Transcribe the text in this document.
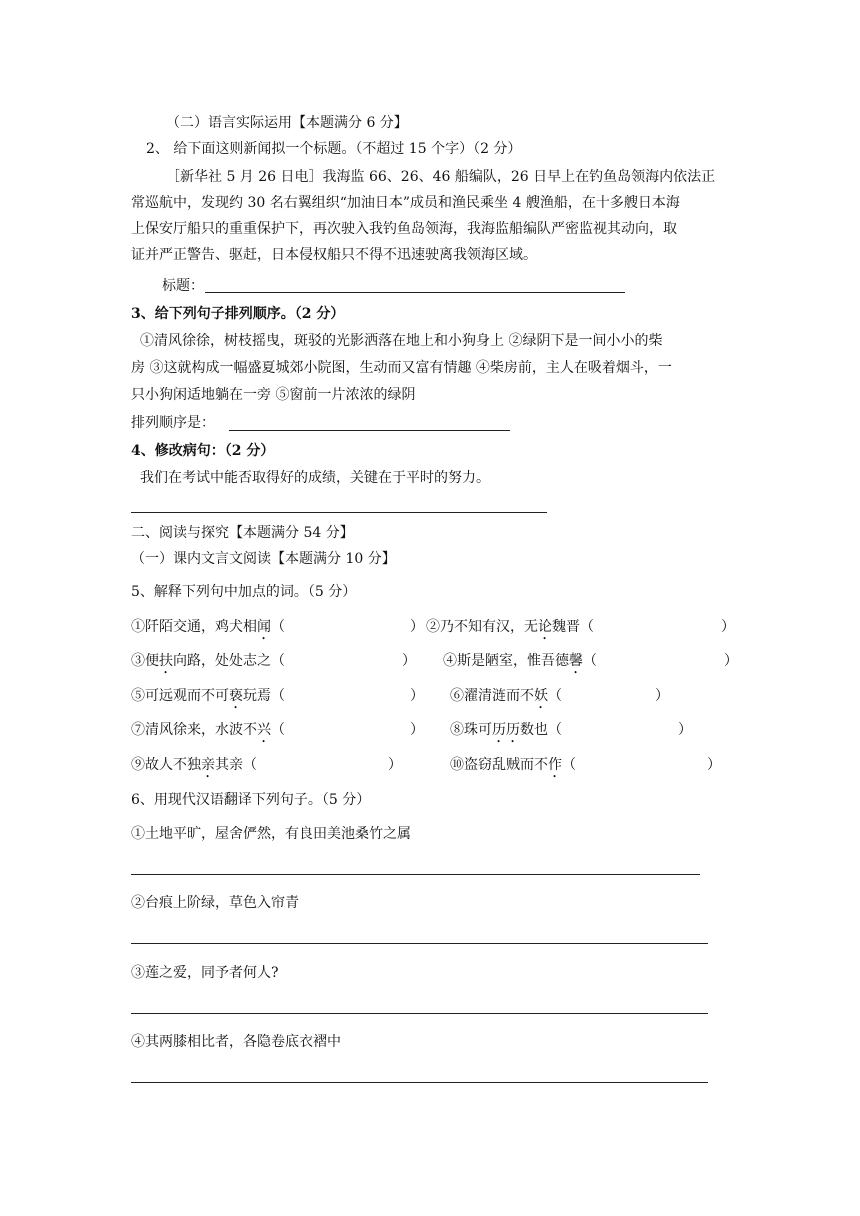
（二）语言实际运用【本题满分 6 分】
2、 给下面这则新闻拟一个标题。（不超过 15 个字）（2 分）
［新华社 5 月 26 日电］我海监 66、26、46 船编队，26 日早上在钓鱼岛领海内依法正
常巡航中，发现约 30 名右翼组织“加油日本”成员和渔民乘坐 4 艘渔船，在十多艘日本海
上保安厅船只的重重保护下，再次驶入我钓鱼岛领海，我海监船编队严密监视其动向，取
证并严正警告、驱赶，日本侵权船只不得不迅速驶离我领海区域。
标题：
3、给下列句子排列顺序。（2 分）
①清风徐徐，树枝摇曳，斑驳的光影洒落在地上和小狗身上 ②绿阴下是一间小小的柴
房 ③这就构成一幅盛夏城郊小院图，生动而又富有情趣 ④柴房前，主人在吸着烟斗，一
只小狗闲适地躺在一旁 ⑤窗前一片浓浓的绿阴
排列顺序是：
4、修改病句：（2 分）
我们在考试中能否取得好的成绩，关键在于平时的努力。
二、阅读与探究【本题满分 54 分】
（一）课内文言文阅读【本题满分 10 分】
5、解释下列句中加点的词。（5 分）
①阡陌交通，鸡犬相闻（	） ②乃不知有汉，无论魏晋（	）
③便扶向路，处处志之（	） ④斯是陋室，惟吾德馨（	）
⑤可远观而不可亵玩焉（	） ⑥濯清涟而不妖（	）
⑦清风徐来，水波不兴（	） ⑧珠可历历数也（	）
⑨故人不独亲其亲（	）	⑩盗窃乱贼而不作（	）
6、用现代汉语翻译下列句子。（5 分）
①土地平旷，屋舍俨然，有良田美池桑竹之属
②台痕上阶绿，草色入帘青
③莲之爱，同予者何人?
④其两膝相比者，各隐卷底衣褶中
